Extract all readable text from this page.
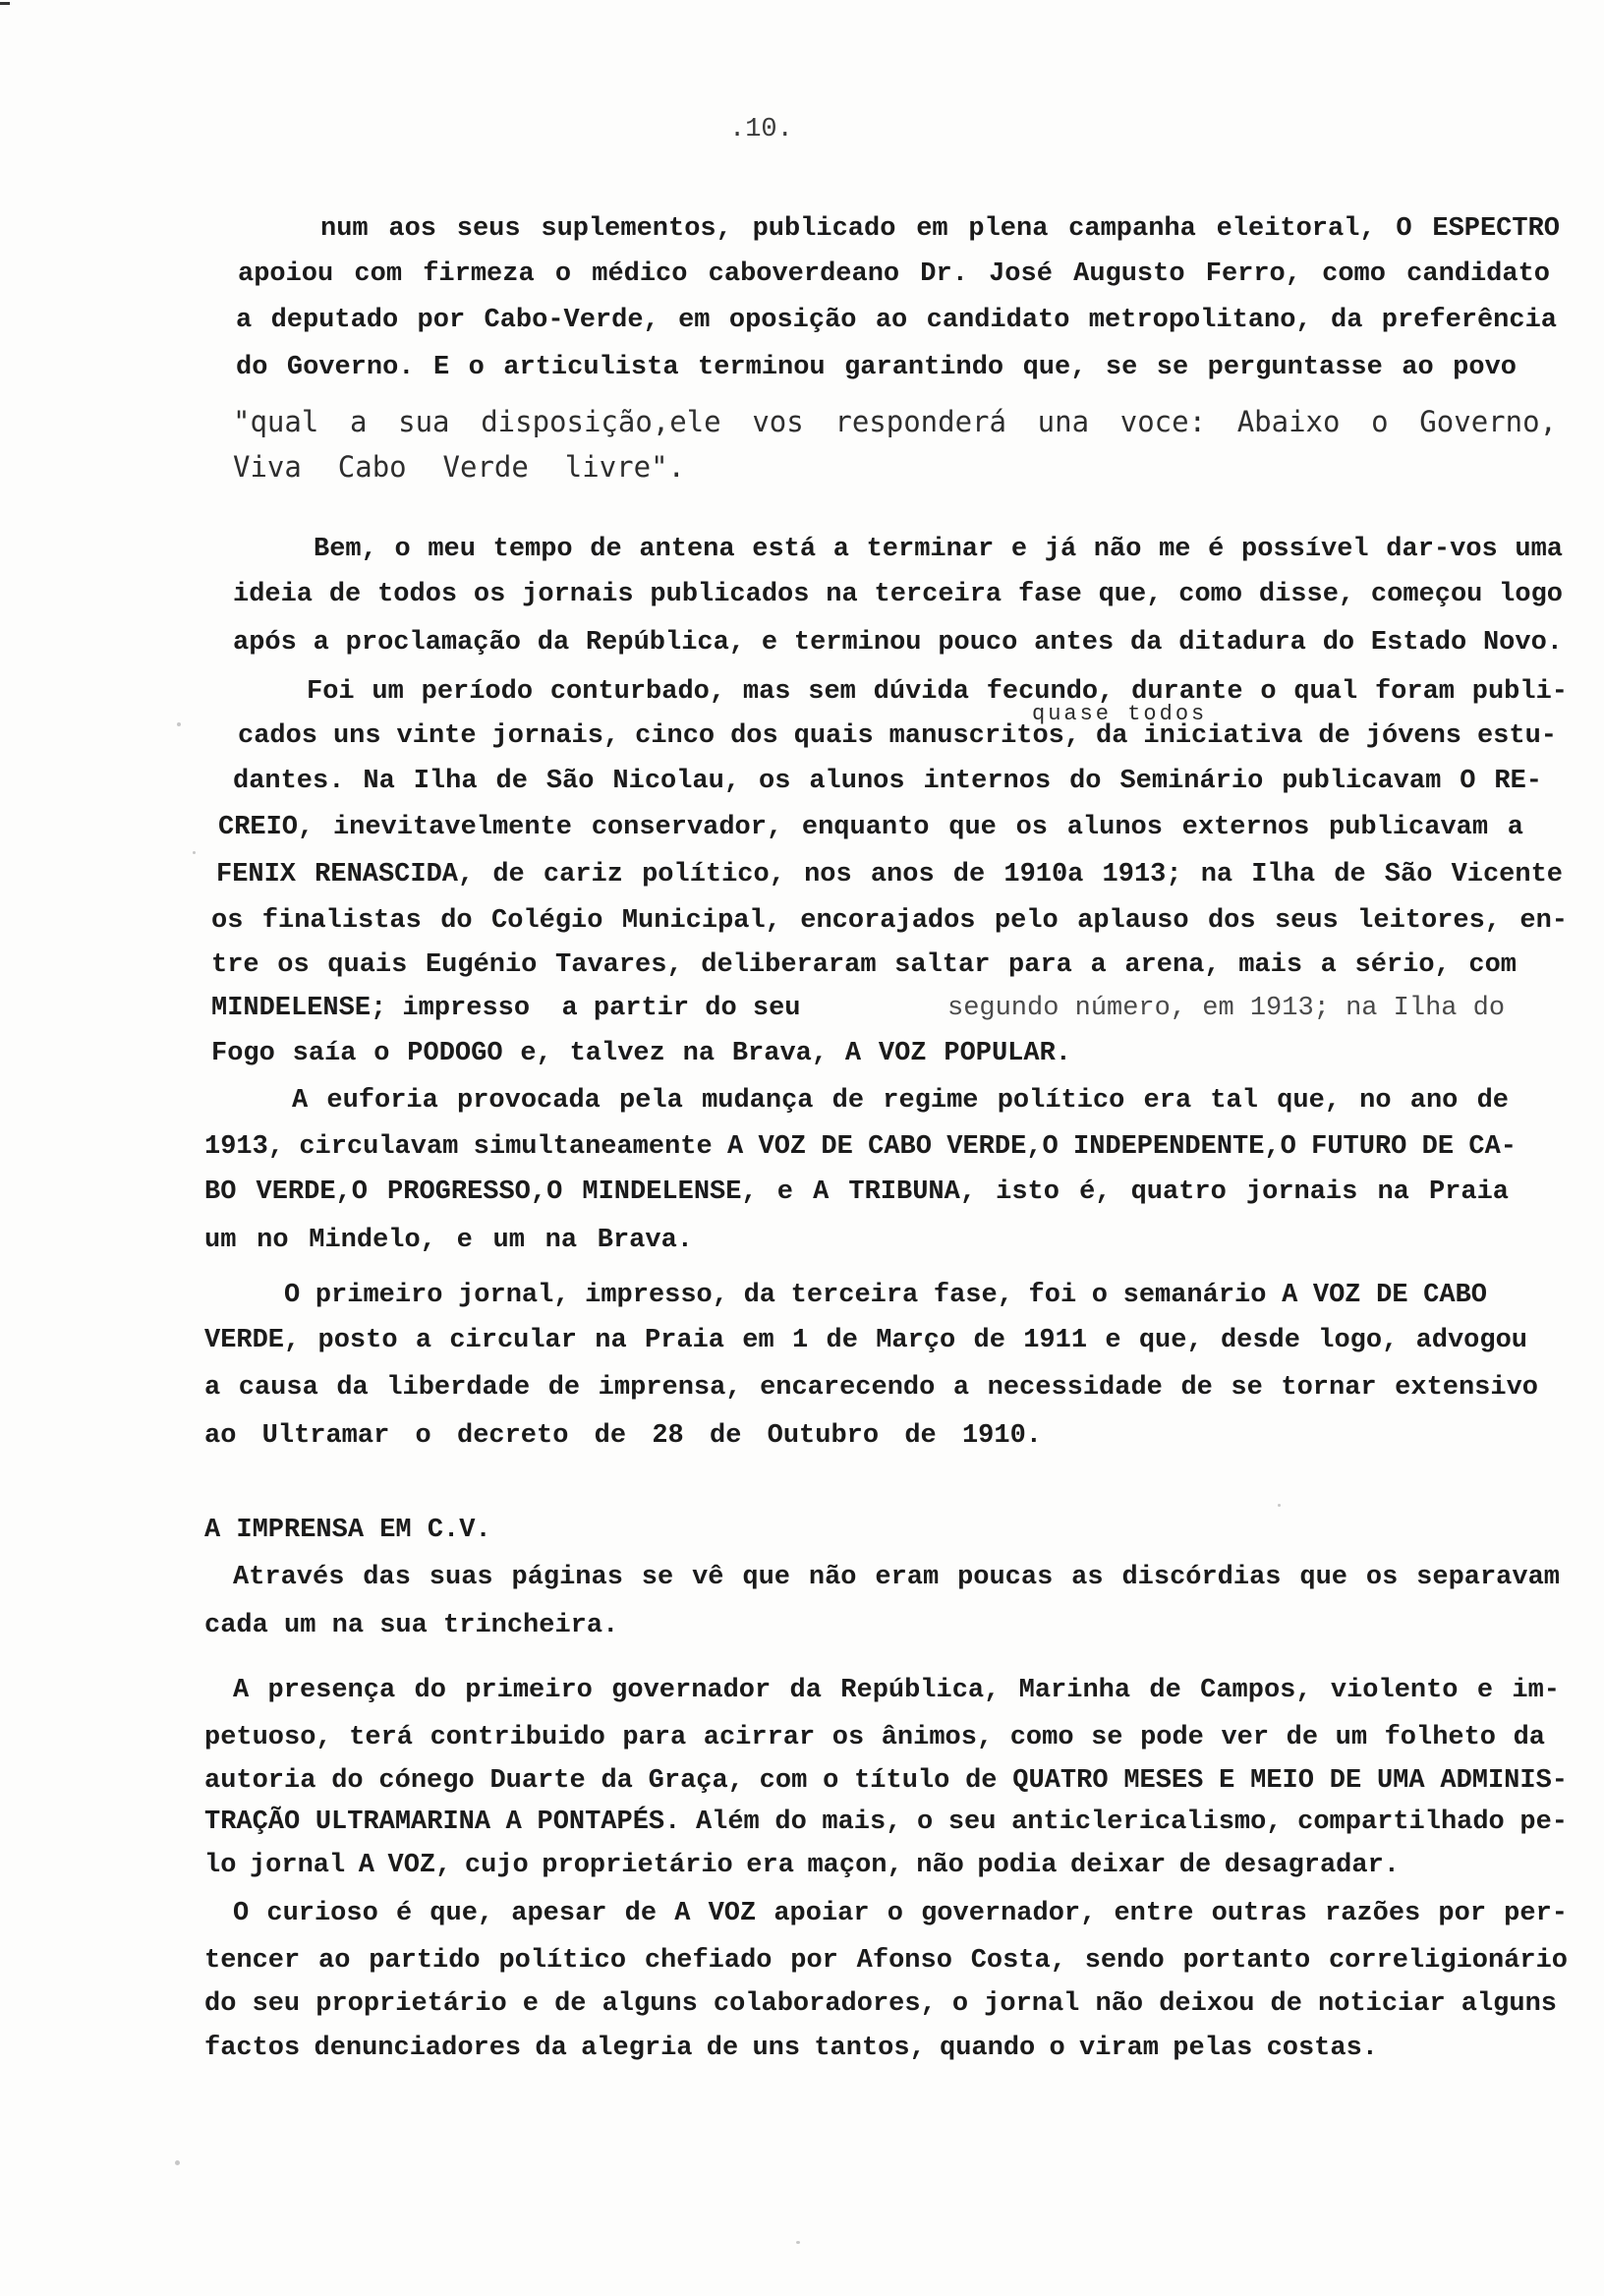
.10.
num aos seus suplementos, publicado em plena campanha eleitoral, O ESPECTRO
apoiou com firmeza o médico caboverdeano Dr. José Augusto Ferro, como candidato
a deputado por Cabo-Verde, em oposição ao candidato metropolitano, da preferência
do Governo. E o articulista terminou garantindo que, se se perguntasse ao povo
"qual a sua disposição,ele vos responderá una voce: Abaixo o Governo,
Viva Cabo Verde livre".
Bem, o meu tempo de antena está a terminar e já não me é possível dar-vos uma
ideia de todos os jornais publicados na terceira fase que, como disse, começou logo
após a proclamação da República, e terminou pouco antes da ditadura do Estado Novo.
Foi um período conturbado, mas sem dúvida fecundo, durante o qual foram publi-
quase todos
cados uns vinte jornais, cinco dos quais manuscritos, da iniciativa de jóvens estu-
dantes. Na Ilha de São Nicolau, os alunos internos do Seminário publicavam O RE-
CREIO, inevitavelmente conservador, enquanto que os alunos externos publicavam a
FENIX RENASCIDA, de cariz político, nos anos de 1910a 1913; na Ilha de São Vicente
os finalistas do Colégio Municipal, encorajados pelo aplauso dos seus leitores, en-
tre os quais Eugénio Tavares, deliberaram saltar para a arena, mais a sério, com
MINDELENSE; impresso  a partir do seu	segundo número, em 1913; na Ilha do
Fogo saía o PODOGO e, talvez na Brava, A VOZ POPULAR.
A euforia provocada pela mudança de regime político era tal que, no ano de
1913, circulavam simultaneamente A VOZ DE CABO VERDE,O INDEPENDENTE,O FUTURO DE CA-
BO VERDE,O PROGRESSO,O MINDELENSE, e A TRIBUNA, isto é, quatro jornais na Praia
um no Mindelo, e um na Brava.
O primeiro jornal, impresso, da terceira fase, foi o semanário A VOZ DE CABO
VERDE, posto a circular na Praia em 1 de Março de 1911 e que, desde logo, advogou
a causa da liberdade de imprensa, encarecendo a necessidade de se tornar extensivo
ao Ultramar o decreto de 28 de Outubro de 1910.
A IMPRENSA EM C.V.
Através das suas páginas se vê que não eram poucas as discórdias que os separavam
cada um na sua trincheira.
A presença do primeiro governador da República, Marinha de Campos, violento e im-
petuoso, terá contribuido para acirrar os ânimos, como se pode ver de um folheto da
autoria do cónego Duarte da Graça, com o título de QUATRO MESES E MEIO DE UMA ADMINIS-
TRAÇÃO ULTRAMARINA A PONTAPÉS. Além do mais, o seu anticlericalismo, compartilhado pe-
lo jornal A VOZ, cujo proprietário era maçon, não podia deixar de desagradar.
O curioso é que, apesar de A VOZ apoiar o governador, entre outras razões por per-
tencer ao partido político chefiado por Afonso Costa, sendo portanto correligionário
do seu proprietário e de alguns colaboradores, o jornal não deixou de noticiar alguns
factos denunciadores da alegria de uns tantos, quando o viram pelas costas.
